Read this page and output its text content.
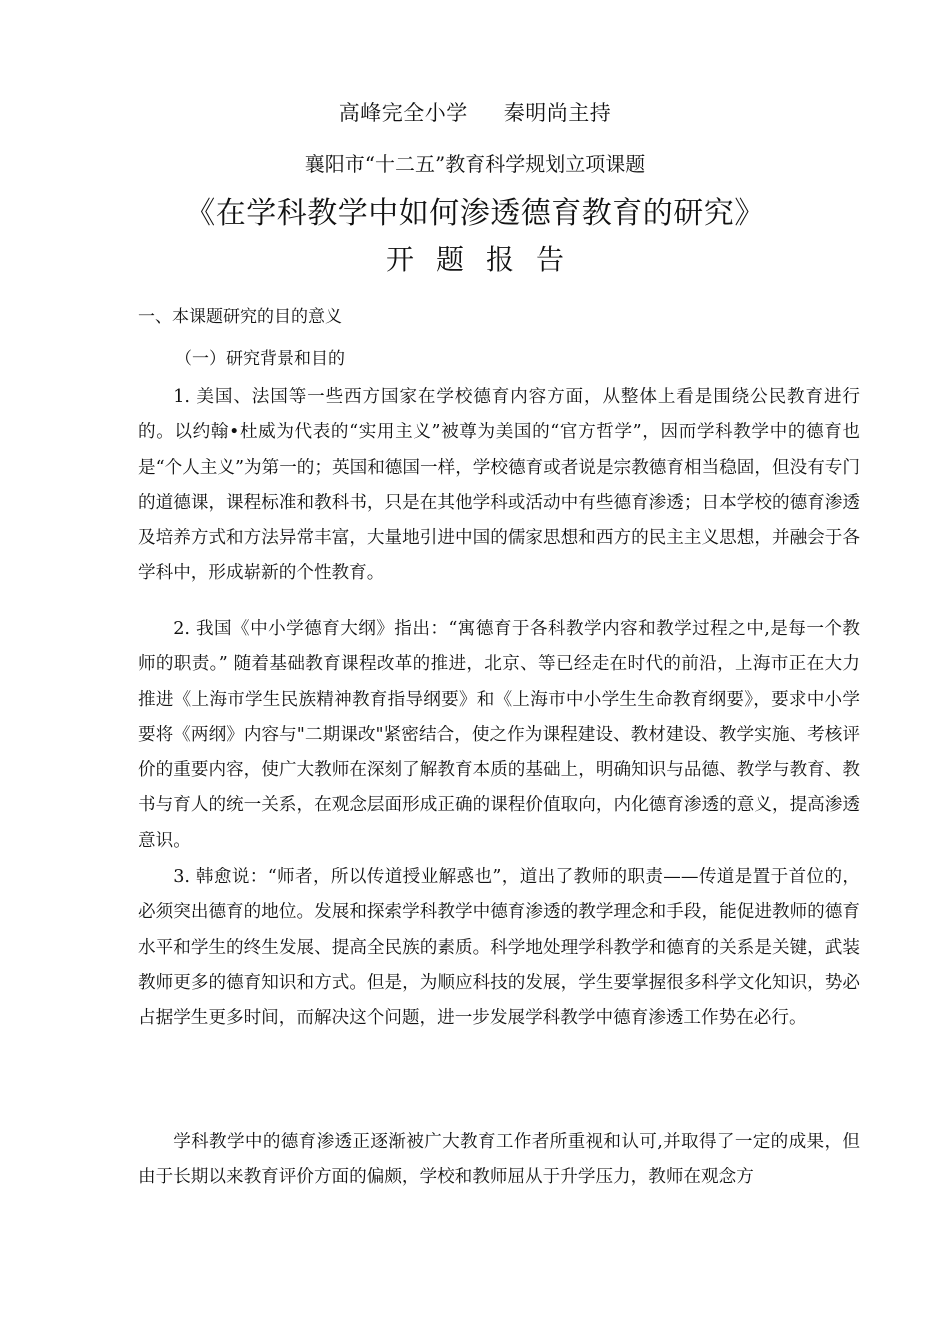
高峰完全小学 秦明尚主持
襄阳市“十二五”教育科学规划立项课题
《在学科教学中如何渗透德育教育的研究》
开题报告
一、本课题研究的目的意义
（一）研究背景和目的

1. 美国、法国等一些西方国家在学校德育内容方面，从整体上看是围绕公民教育进行的。以约翰•杜威为代表的“实用主义”被尊为美国的“官方哲学”，因而学科教学中的德育也是“个人主义”为第一的；英国和德国一样，学校德育或者说是宗教德育相当稳固，但没有专门的道德课，课程标准和教科书，只是在其他学科或活动中有些德育渗透；日本学校的德育渗透及培养方式和方法异常丰富，大量地引进中国的儒家思想和西方的民主主义思想，并融会于各学科中，形成崭新的个性教育。

2. 我国《中小学德育大纲》指出：“寓德育于各科教学内容和教学过程之中,是每一个教师的职责。” 随着基础教育课程改革的推进，北京、等已经走在时代的前沿，上海市正在大力推进《上海市学生民族精神教育指导纲要》和《上海市中小学生生命教育纲要》，要求中小学要将《两纲》内容与"二期课改"紧密结合，使之作为课程建设、教材建设、教学实施、考核评价的重要内容，使广大教师在深刻了解教育本质的基础上，明确知识与品德、教学与教育、教书与育人的统一关系，在观念层面形成正确的课程价值取向，内化德育渗透的意义，提高渗透意识。

3. 韩愈说：“师者，所以传道授业解惑也”，道出了教师的职责——传道是置于首位的，必须突出德育的地位。发展和探索学科教学中德育渗透的教学理念和手段，能促进教师的德育水平和学生的终生发展、提高全民族的素质。科学地处理学科教学和德育的关系是关键，武装教师更多的德育知识和方式。但是，为顺应科技的发展，学生要掌握很多科学文化知识，势必占据学生更多时间，而解决这个问题，进一步发展学科教学中德育渗透工作势在必行。

学科教学中的德育渗透正逐渐被广大教育工作者所重视和认可,并取得了一定的成果，但由于长期以来教育评价方面的偏颇，学校和教师屈从于升学压力，教师在观念方
